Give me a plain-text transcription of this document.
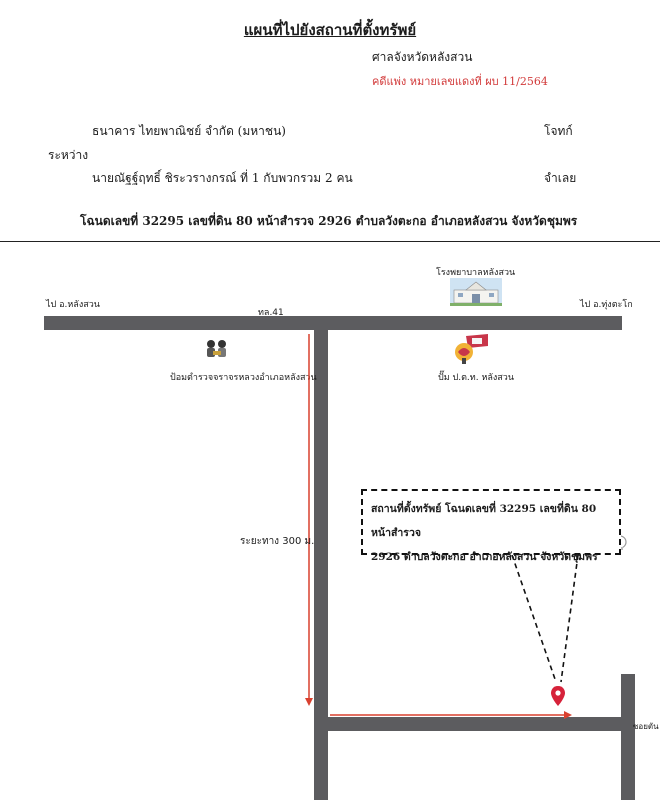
แผนที่ไปยังสถานที่ตั้งทรัพย์
ศาลจังหวัดหลังสวน
คดีแพ่ง หมายเลขแดงที่ ผบ 11/2564
ธนาคาร ไทยพาณิชย์ จำกัด (มหาชน)	โจทก์
ระหว่าง
นายณัฐฐ์ฤทธิ์ ชิระวรางกรณ์ ที่ 1 กับพวกรวม 2 คน	จำเลย
โฉนดเลขที่ 32295 เลขที่ดิน 80 หน้าสำรวจ 2926 ตำบลวังตะกอ อำเภอหลังสวน จังหวัดชุมพร
ไป อ.หลังสวน	ไป อ.ทุ่งตะโก
ทล.41
โรงพยาบาลหลังสวน
ป้อมตำรวจจราจรหลวงอำเภอหลังสวน	ปั๊ม ป.ต.ท. หลังสวน
ระยะทาง 300 ม.
ซอยตัน
สถานที่ตั้งทรัพย์ โฉนดเลขที่ 32295 เลขที่ดิน 80 หน้าสำรวจ
2926 ตำบลวังตะกอ อำเภอหลังสวน จังหวัดชุมพร
